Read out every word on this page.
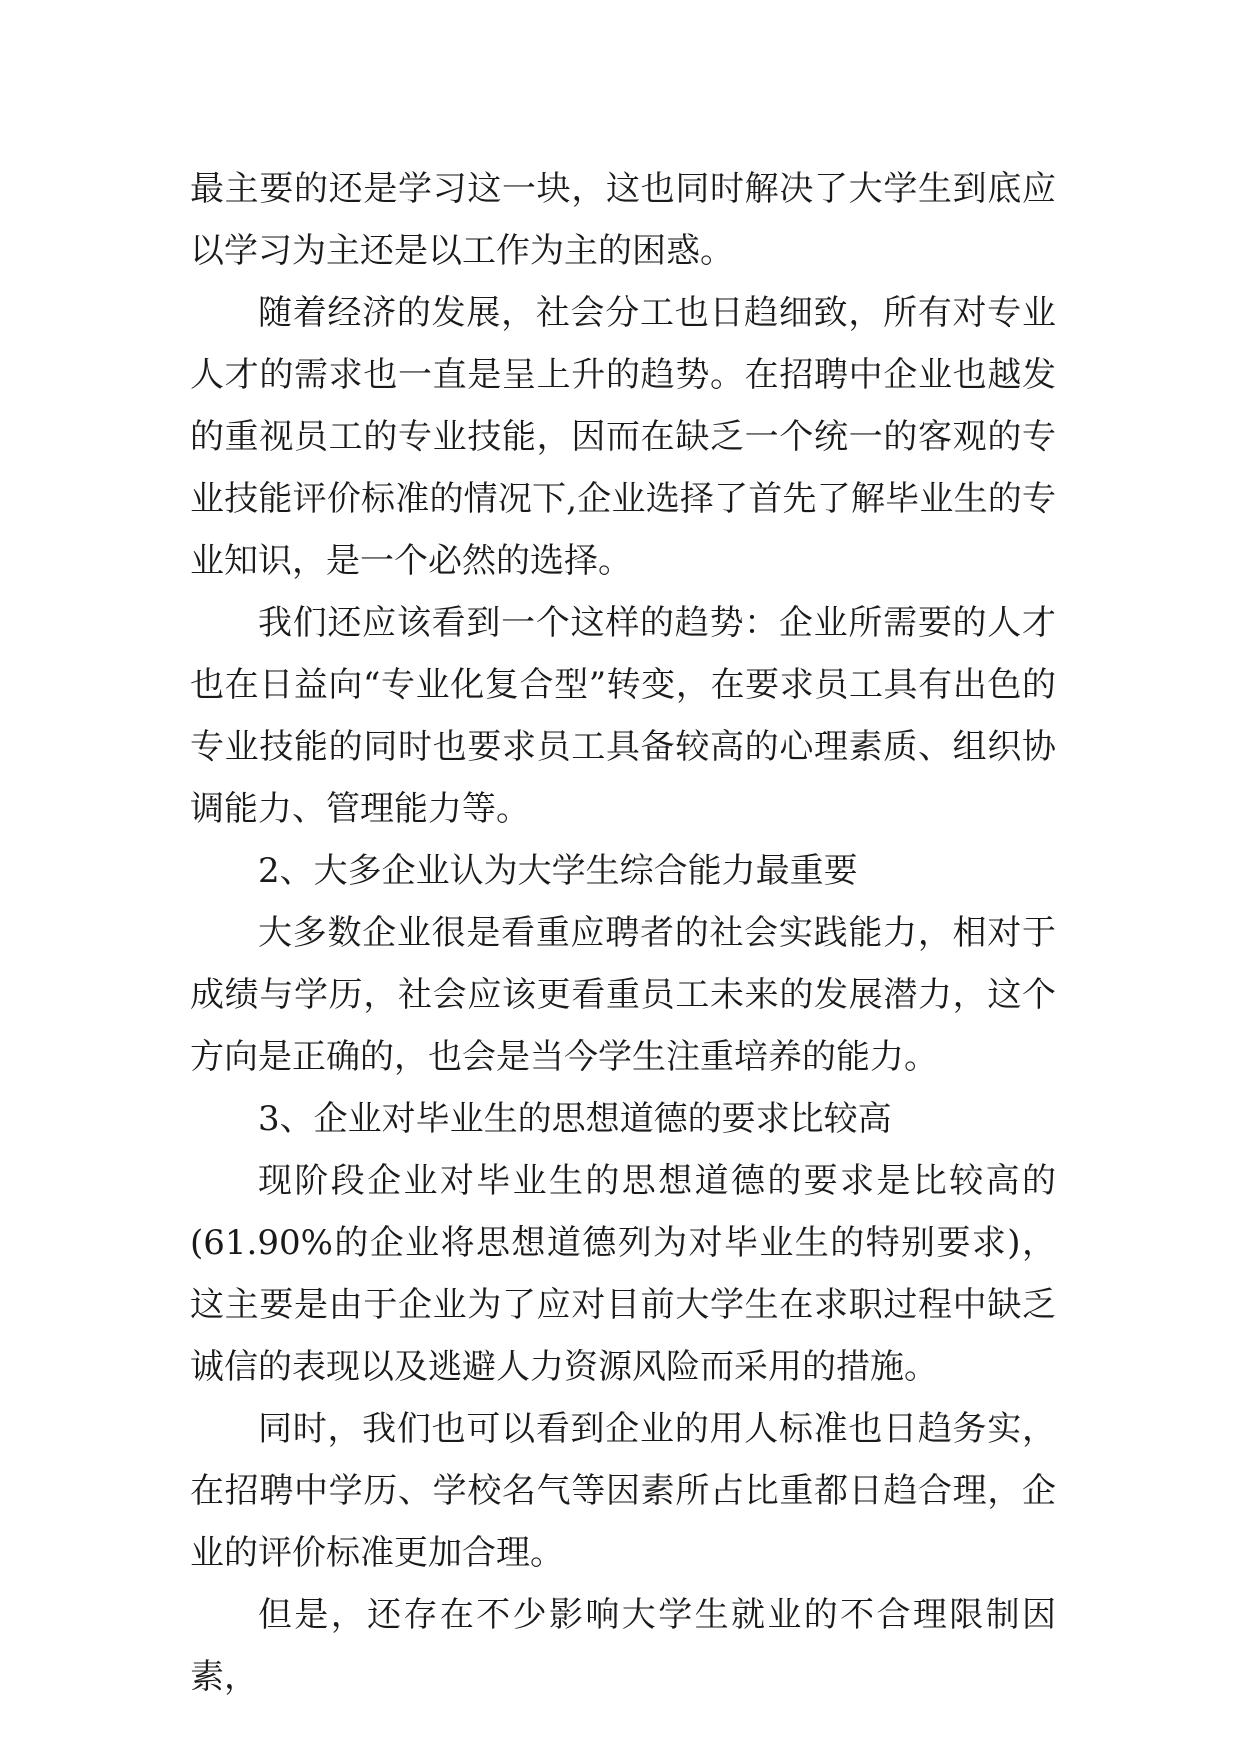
最主要的还是学习这一块，这也同时解决了大学生到底应以学习为主还是以工作为主的困惑。

随着经济的发展，社会分工也日趋细致，所有对专业人才的需求也一直是呈上升的趋势。在招聘中企业也越发的重视员工的专业技能，因而在缺乏一个统一的客观的专业技能评价标准的情况下,企业选择了首先了解毕业生的专业知识，是一个必然的选择。

我们还应该看到一个这样的趋势：企业所需要的人才也在日益向“专业化复合型”转变，在要求员工具有出色的专业技能的同时也要求员工具备较高的心理素质、组织协调能力、管理能力等。

2、大多企业认为大学生综合能力最重要

大多数企业很是看重应聘者的社会实践能力，相对于成绩与学历，社会应该更看重员工未来的发展潜力，这个方向是正确的，也会是当今学生注重培养的能力。

3、企业对毕业生的思想道德的要求比较高

现阶段企业对毕业生的思想道德的要求是比较高的(61.90%的企业将思想道德列为对毕业生的特别要求)，这主要是由于企业为了应对目前大学生在求职过程中缺乏诚信的表现以及逃避人力资源风险而采用的措施。

同时，我们也可以看到企业的用人标准也日趋务实，在招聘中学历、学校名气等因素所占比重都日趋合理，企业的评价标准更加合理。

但是，还存在不少影响大学生就业的不合理限制因素，
